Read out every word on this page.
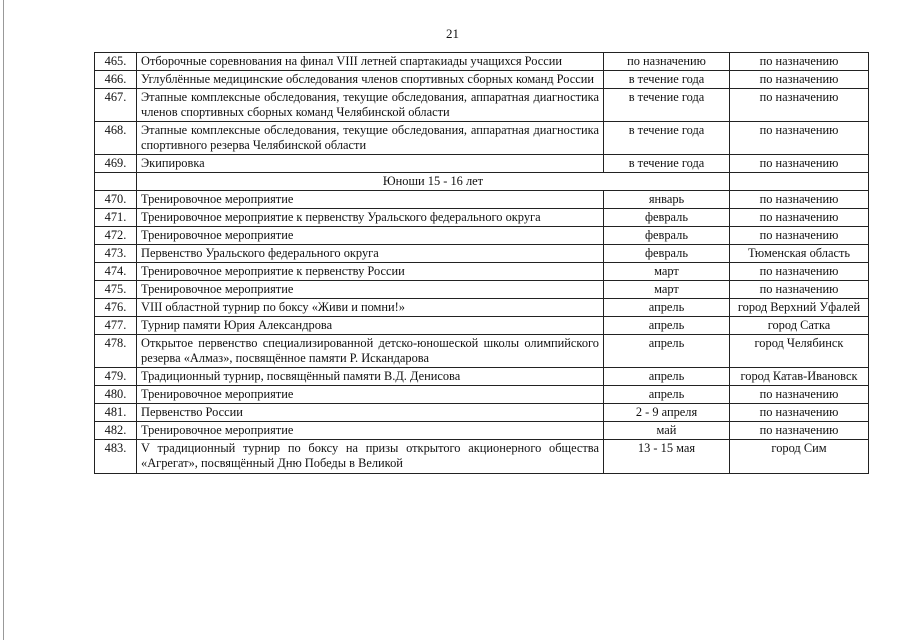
21
465.	Отборочные соревнования на финал VIII летней спартакиады учащихся России	по назначению	по назначению
466.	Углублённые медицинские обследования членов спортивных сборных команд России	в течение года	по назначению
467.	Этапные комплексные обследования, текущие обследования, аппаратная диагностика членов спортивных сборных команд Челябинской области	в течение года	по назначению
468.	Этапные комплексные обследования, текущие обследования, аппаратная диагностика спортивного резерва Челябинской области	в течение года	по назначению
469.	Экипировка	в течение года	по назначению
	Юноши 15 - 16 лет		
470.	Тренировочное мероприятие	январь	по назначению
471.	Тренировочное мероприятие к первенству Уральского федерального округа	февраль	по назначению
472.	Тренировочное мероприятие	февраль	по назначению
473.	Первенство Уральского федерального округа	февраль	Тюменская область
474.	Тренировочное мероприятие к первенству России	март	по назначению
475.	Тренировочное мероприятие	март	по назначению
476.	VIII областной турнир по боксу «Живи и помни!»	апрель	город Верхний Уфалей
477.	Турнир памяти Юрия Александрова	апрель	город Сатка
478.	Открытое первенство специализированной детско-юношеской школы олимпийского резерва «Алмаз», посвящённое памяти Р. Искандарова	апрель	город Челябинск
479.	Традиционный турнир, посвящённый памяти В.Д. Денисова	апрель	город Катав-Ивановск
480.	Тренировочное мероприятие	апрель	по назначению
481.	Первенство России	2 - 9 апреля	по назначению
482.	Тренировочное мероприятие	май	по назначению
483.	V традиционный турнир по боксу на призы открытого акционерного общества «Агрегат», посвящённый Дню Победы в Великой	13 - 15 мая	город Сим
